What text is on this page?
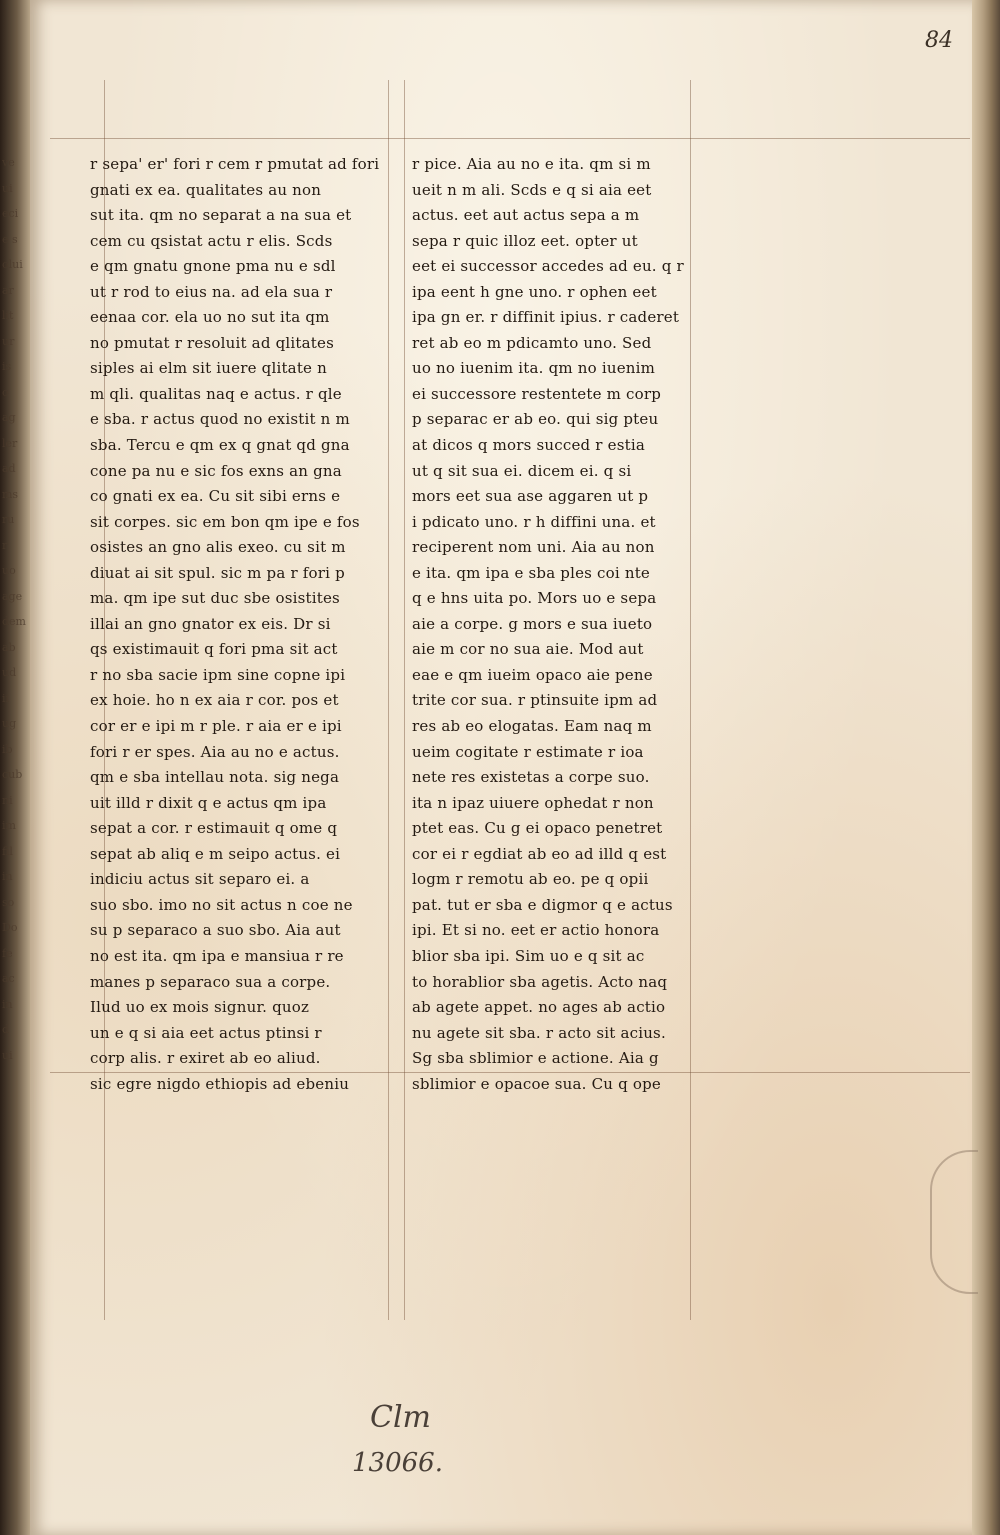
ve
ui
eci
e s
olui
ar
lit
ur
is
o
ag
ler
ad
ms
ru
r
uo
age
dem
ab
ud
ii
ug
ib
cub
ni
im
fil
in
so
Do
fe
ac
in
d
ui
84
r sepa' er' fori r cem r pmutat ad fori
gnati ex ea. qualitates au non
sut ita. qm no separat a na sua et
cem cu qsistat actu r elis. Scds
e qm gnatu gnone pma nu e sdl
ut r rod to eius na. ad ela sua r
eenaa cor. ela uo no sut ita qm
no pmutat r resoluit ad qlitates
siples ai elm sit iuere qlitate n
m qli. qualitas naq e actus. r qle
e sba. r actus quod no existit n m
sba. Tercu e qm ex q gnat qd gna
cone pa nu e sic fos exns an gna
co gnati ex ea. Cu sit sibi erns e
sit corpes. sic em bon qm ipe e fos
osistes an gno alis exeo. cu sit m
diuat ai sit spul. sic m pa r fori p
ma. qm ipe sut duc sbe osistites
illai an gno gnator ex eis. Dr si
qs existimauit q fori pma sit act
r no sba sacie ipm sine copne ipi
ex hoie. ho n ex aia r cor. pos et
cor er e ipi m r ple. r aia er e ipi
fori r er spes. Aia au no e actus.
qm e sba intellau nota. sig nega
uit illd r dixit q e actus qm ipa
sepat a cor. r estimauit q ome q
sepat ab aliq e m seipo actus. ei
indiciu actus sit separo ei. a
suo sbo. imo no sit actus n coe ne
su p separaco a suo sbo. Aia aut
no est ita. qm ipa e mansiua r re
manes p separaco sua a corpe.
Ilud uo ex mois signur. quoz
un e q si aia eet actus ptinsi r
corp alis. r exiret ab eo aliud.
sic egre nigdo ethiopis ad ebeniu
r pice. Aia au no e ita. qm si m
ueit n m ali. Scds e q si aia eet
actus. eet aut actus sepa a m
sepa r quic illoz eet. opter ut
eet ei successor accedes ad eu. q r
ipa eent h gne uno. r ophen eet
ipa gn er. r diffinit ipius. r caderet
ret ab eo m pdicamto uno. Sed
uo no iuenim ita. qm no iuenim
ei successore restentete m corp
p separac er ab eo. qui sig pteu
at dicos q mors succed r estia
ut q sit sua ei. dicem ei. q si
mors eet sua ase aggaren ut p
i pdicato uno. r h diffini una. et
reciperent nom uni. Aia au non
e ita. qm ipa e sba ples coi nte
q e hns uita po. Mors uo e sepa
aie a corpe. g mors e sua iueto
aie m cor no sua aie. Mod aut
eae e qm iueim opaco aie pene
trite cor sua. r ptinsuite ipm ad
res ab eo elogatas. Eam naq m
ueim cogitate r estimate r ioa
nete res existetas a corpe suo.
ita n ipaz uiuere ophedat r non
ptet eas. Cu g ei opaco penetret
cor ei r egdiat ab eo ad illd q est
logm r remotu ab eo. pe q opii
pat. tut er sba e digmor q e actus
ipi. Et si no. eet er actio honora
blior sba ipi. Sim uo e q sit ac
to horablior sba agetis. Acto naq
ab agete appet. no ages ab actio
nu agete sit sba. r acto sit acius.
Sg sba sblimior e actione. Aia g
sblimior e opacoe sua. Cu q ope
Clm
13066.
